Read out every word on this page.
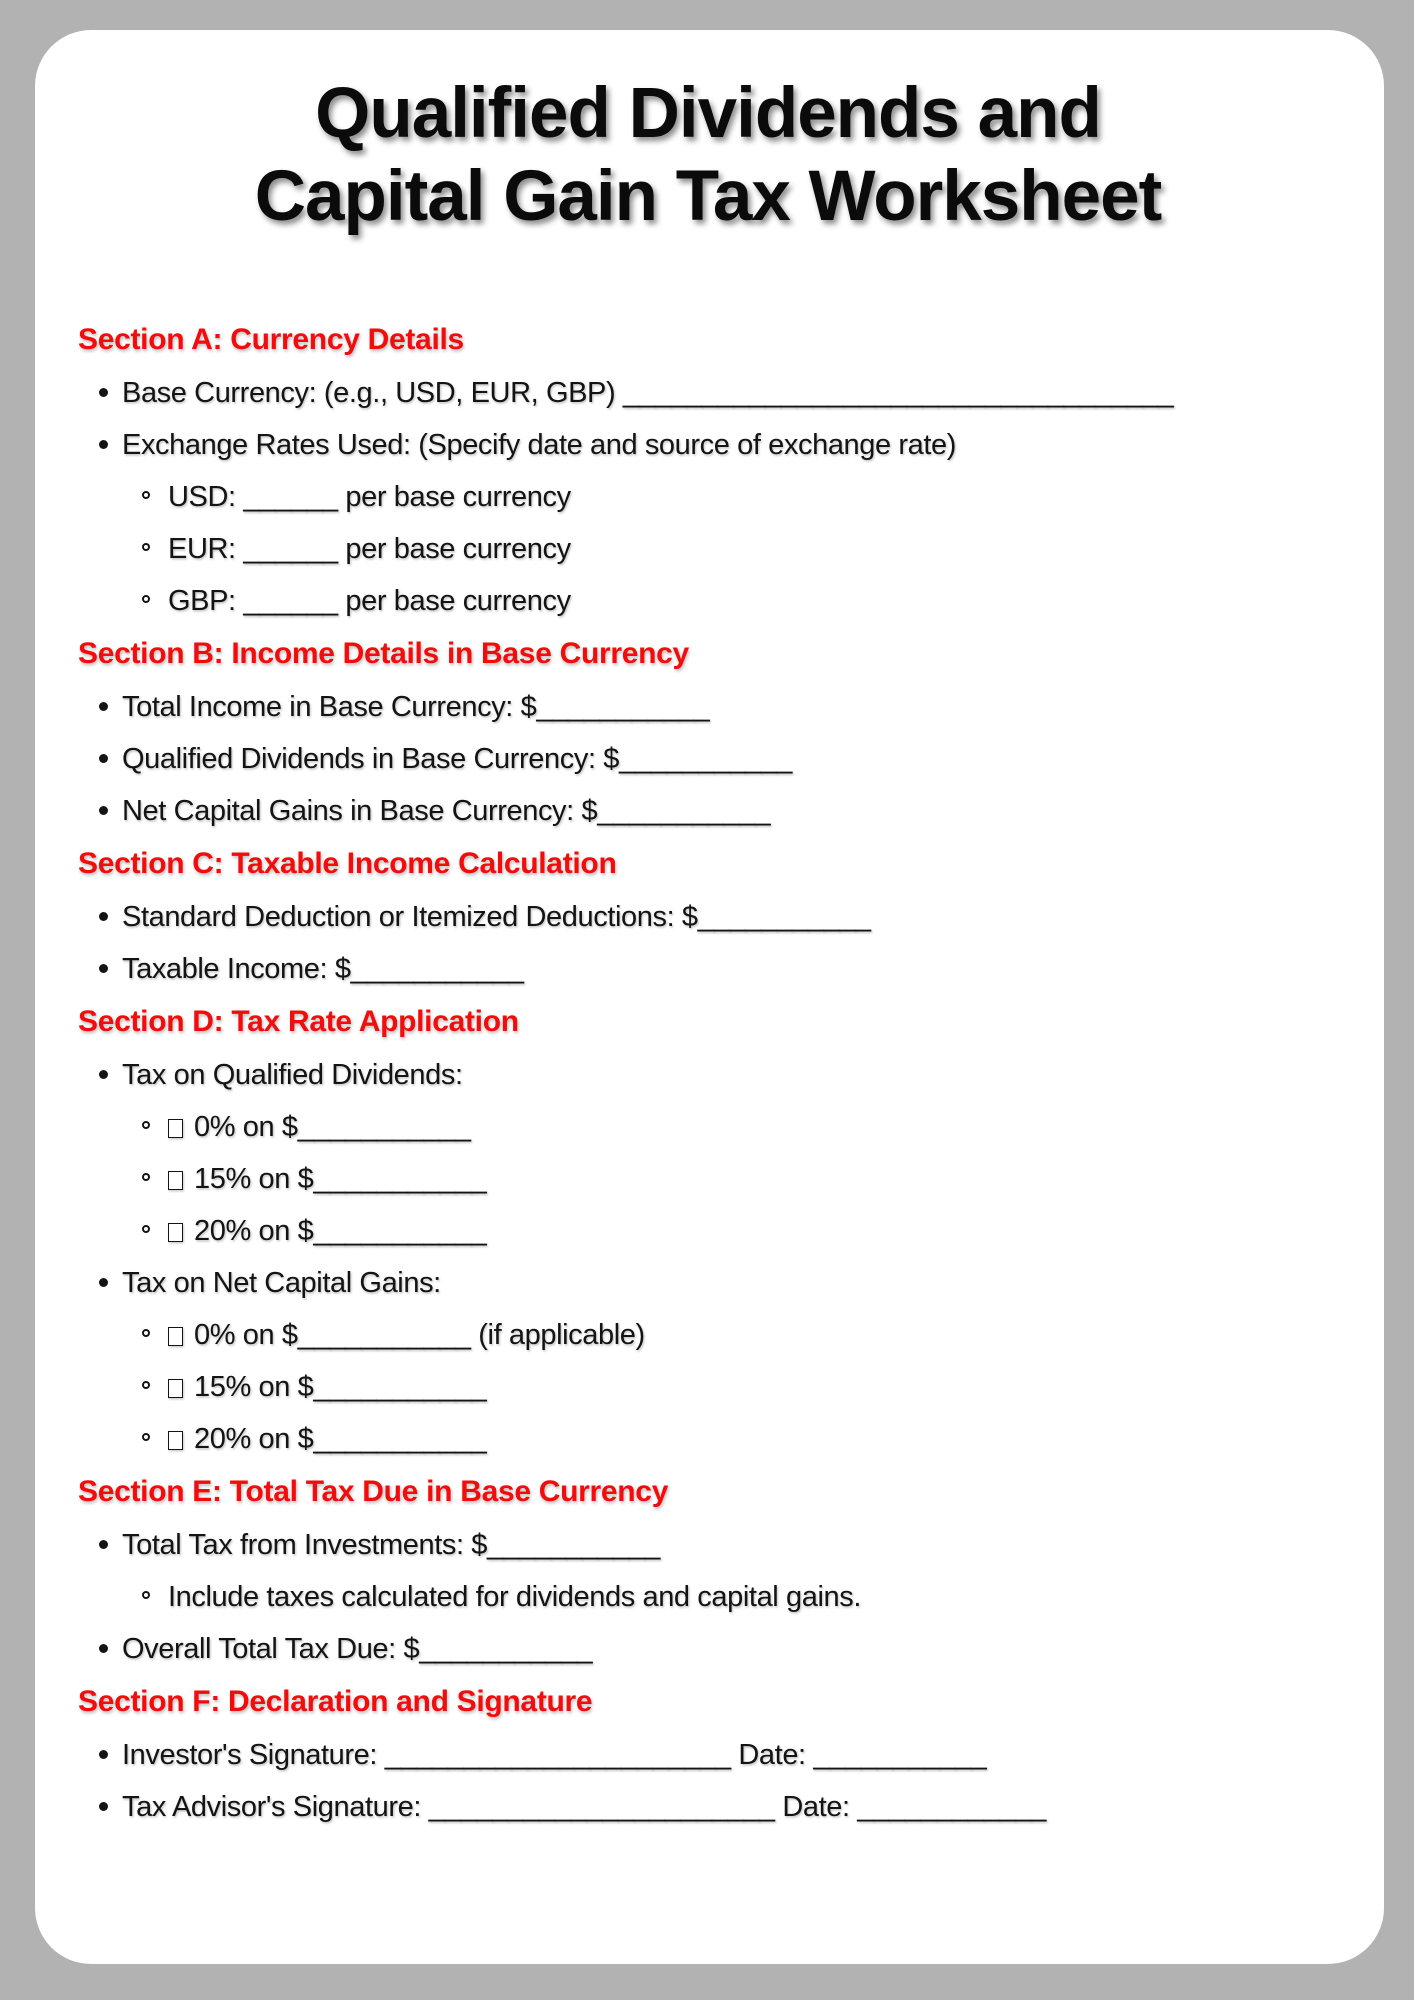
Qualified Dividends and
Capital Gain Tax Worksheet
Section A: Currency Details
Base Currency: (e.g., USD, EUR, GBP) ___________________________________
Exchange Rates Used: (Specify date and source of exchange rate)
USD: ______ per base currency
EUR: ______ per base currency
GBP: ______ per base currency
Section B: Income Details in Base Currency
Total Income in Base Currency: $___________
Qualified Dividends in Base Currency: $___________
Net Capital Gains in Base Currency: $___________
Section C: Taxable Income Calculation
Standard Deduction or Itemized Deductions: $___________
Taxable Income: $___________
Section D: Tax Rate Application
Tax on Qualified Dividends:
0% on $___________
15% on $___________
20% on $___________
Tax on Net Capital Gains:
0% on $___________ (if applicable)
15% on $___________
20% on $___________
Section E: Total Tax Due in Base Currency
Total Tax from Investments: $___________
Include taxes calculated for dividends and capital gains.
Overall Total Tax Due: $___________
Section F: Declaration and Signature
Investor's Signature: ______________________ Date: ___________
Tax Advisor's Signature: ______________________ Date: ____________
